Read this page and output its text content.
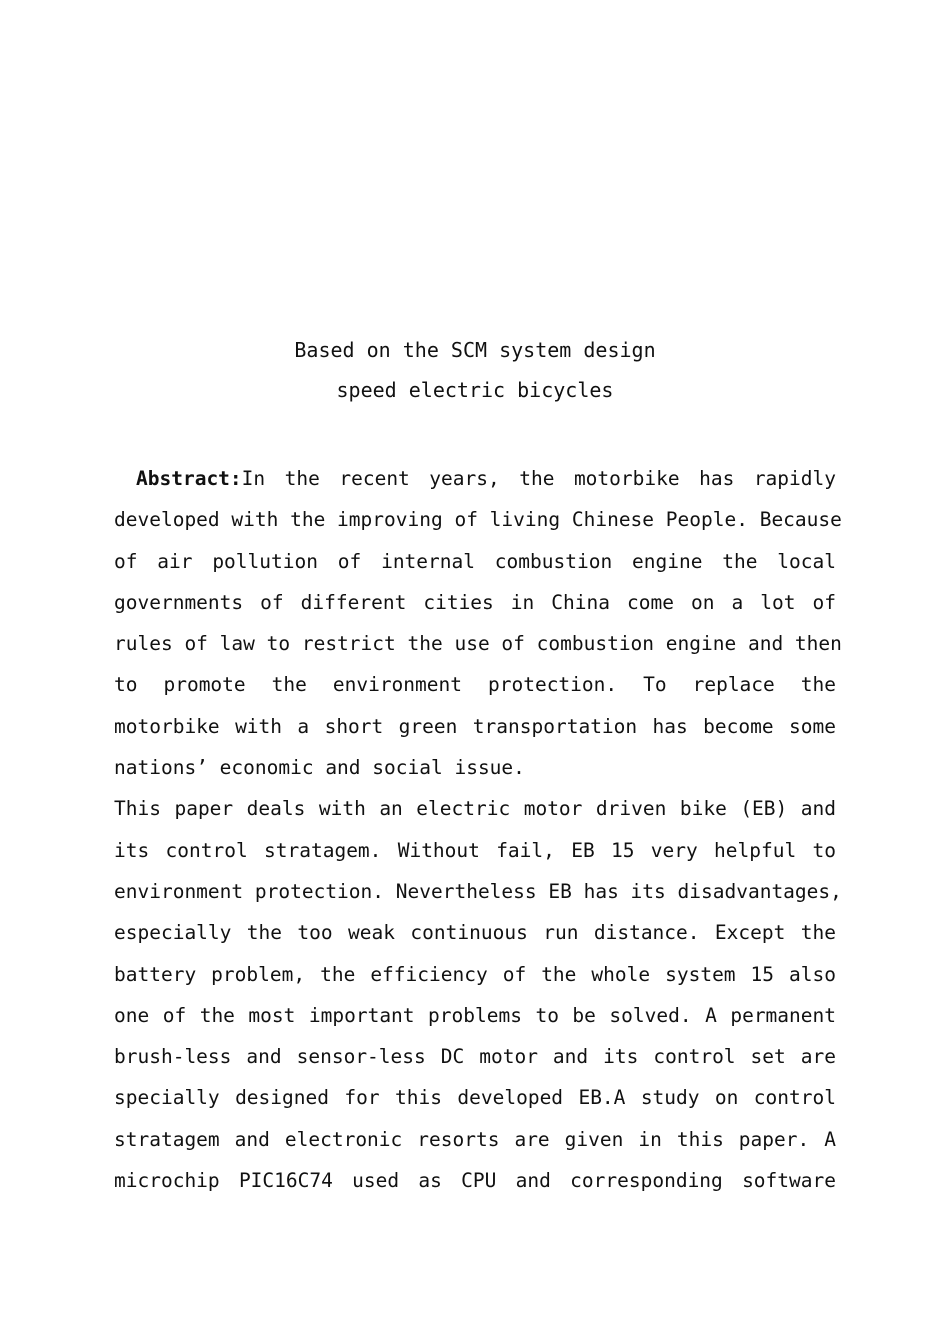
Based on the SCM system design
speed electric bicycles
Abstract:In the recent years, the motorbike has rapidly
developed with the improving of living Chinese People. Because
of air pollution of internal combustion engine the local
governments of different cities in China come on a lot of
rules of law to restrict the use of combustion engine and then
to promote the environment protection. To replace the
motorbike with a short green transportation has become some
nations’ economic and social issue.
This paper deals with an electric motor driven bike (EB) and
its control stratagem. Without fail, EB 15 very helpful to
environment protection. Nevertheless EB has its disadvantages,
especially the too weak continuous run distance. Except the
battery problem, the efficiency of the whole system 15 also
one of the most important problems to be solved. A permanent
brush-less and sensor-less DC motor and its control set are
specially designed for this developed EB.A study on control
stratagem and electronic resorts are given in this paper. A
microchip PIC16C74 used as CPU and corresponding software
